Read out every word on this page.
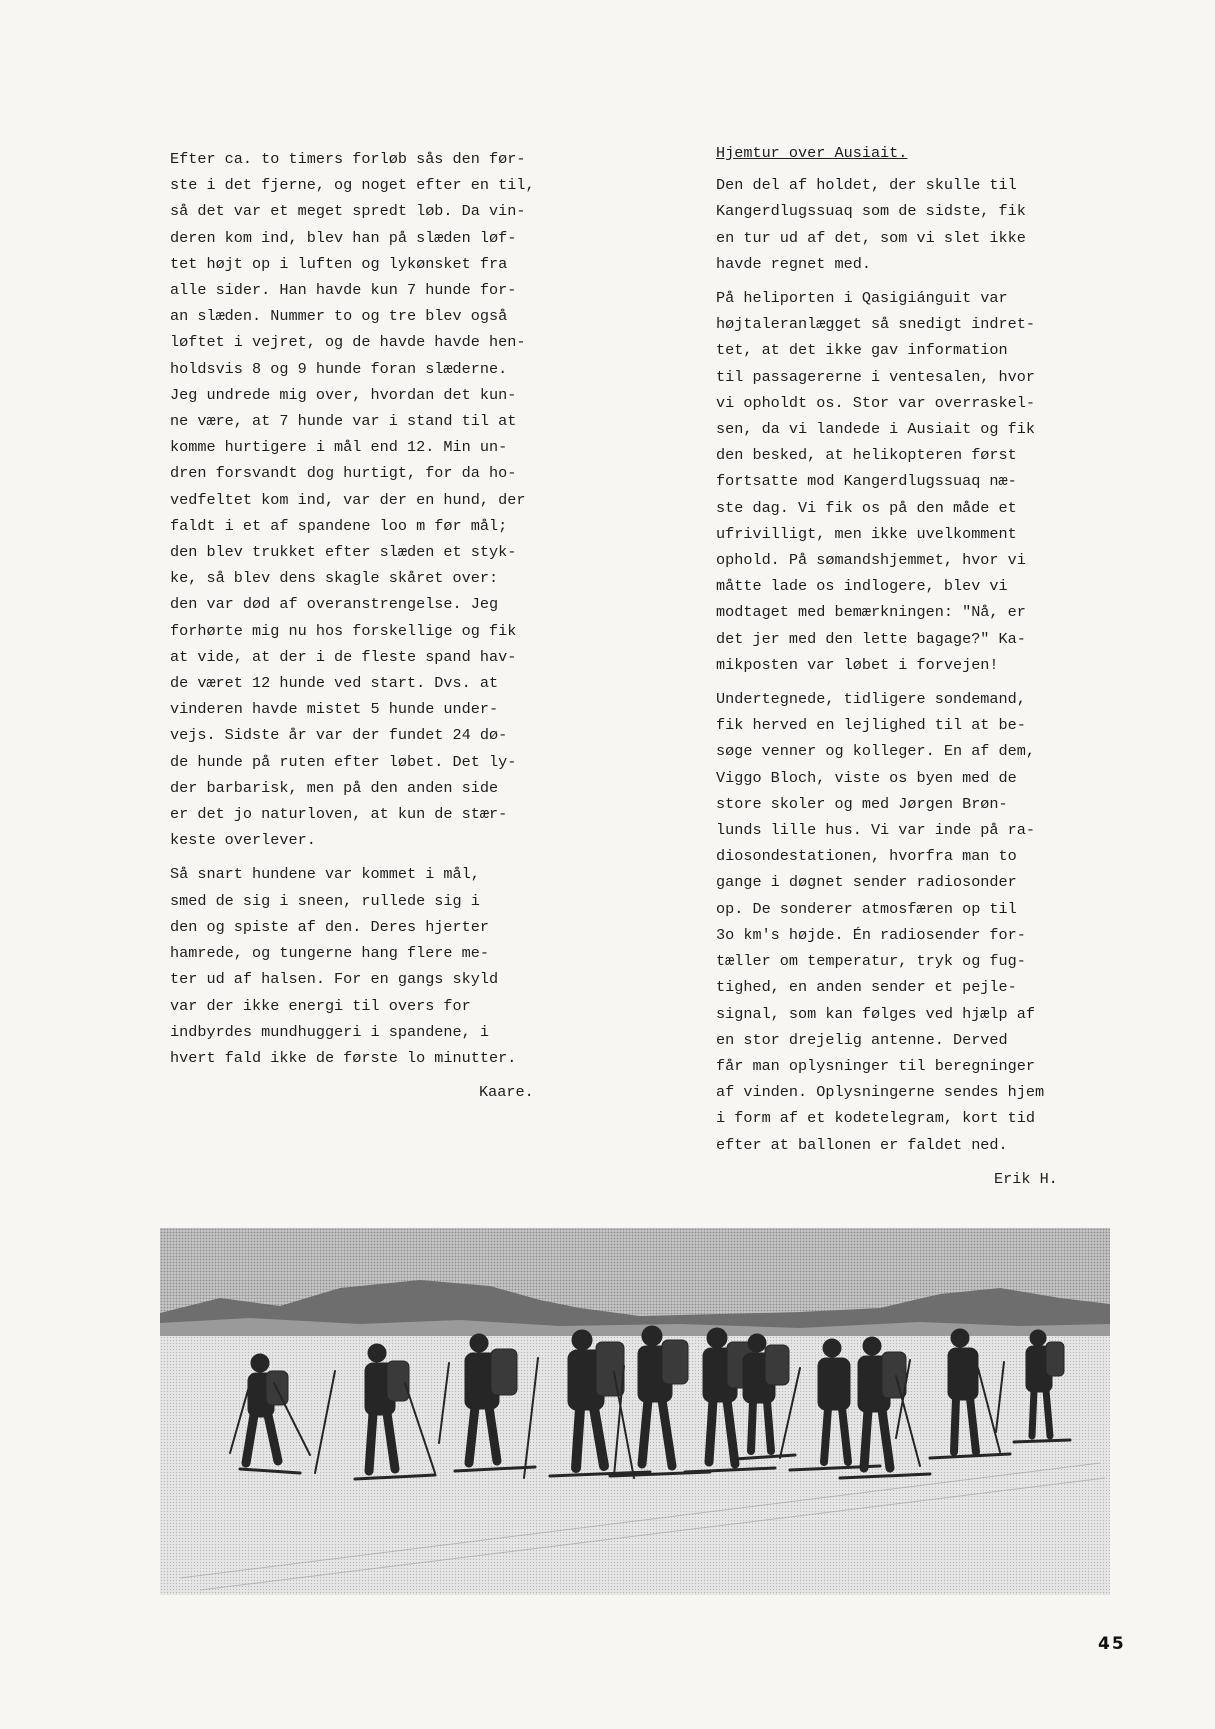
Efter ca. to timers forløb sås den før-
ste i det fjerne, og noget efter en til,
så det var et meget spredt løb. Da vin-
deren kom ind, blev han på slæden løf-
tet højt op i luften og lykønsket fra
alle sider. Han havde kun 7 hunde for-
an slæden. Nummer to og tre blev også
løftet i vejret, og de havde havde hen-
holdsvis 8 og 9 hunde foran slæderne.
Jeg undrede mig over, hvordan det kun-
ne være, at 7 hunde var i stand til at
komme hurtigere i mål end 12. Min un-
dren forsvandt dog hurtigt, for da ho-
vedfeltet kom ind, var der en hund, der
faldt i et af spandene loo m før mål;
den blev trukket efter slæden et styk-
ke, så blev dens skagle skåret over:
den var død af overanstrengelse. Jeg
forhørte mig nu hos forskellige og fik
at vide, at der i de fleste spand hav-
de været 12 hunde ved start. Dvs. at
vinderen havde mistet 5 hunde under-
vejs. Sidste år var der fundet 24 dø-
de hunde på ruten efter løbet. Det ly-
der barbarisk, men på den anden side
er det jo naturloven, at kun de stær-
keste overlever.

Så snart hundene var kommet i mål,
smed de sig i sneen, rullede sig i
den og spiste af den. Deres hjerter
hamrede, og tungerne hang flere me-
ter ud af halsen. For en gangs skyld
var der ikke energi til overs for
indbyrdes mundhuggeri i spandene, i
hvert fald ikke de første lo minutter.

Kaare.

Hjemtur over Ausiait.

Den del af holdet, der skulle til
Kangerdlugssuaq som de sidste, fik
en tur ud af det, som vi slet ikke
havde regnet med.

På heliporten i Qasigiánguit var
højtaleranlægget så snedigt indret-
tet, at det ikke gav information
til passagererne i ventesalen, hvor
vi opholdt os. Stor var overraskel-
sen, da vi landede i Ausiait og fik
den besked, at helikopteren først
fortsatte mod Kangerdlugssuaq næ-
ste dag. Vi fik os på den måde et
ufrivilligt, men ikke uvelkomment
ophold. På sømandshjemmet, hvor vi
måtte lade os indlogere, blev vi
modtaget med bemærkningen: "Nå, er
det jer med den lette bagage?" Ka-
mikposten var løbet i forvejen!

Undertegnede, tidligere sondemand,
fik herved en lejlighed til at be-
søge venner og kolleger. En af dem,
Viggo Bloch, viste os byen med de
store skoler og med Jørgen Brøn-
lunds lille hus. Vi var inde på ra-
diosondestationen, hvorfra man to
gange i døgnet sender radiosonder
op. De sonderer atmosfæren op til
3o km's højde. Én radiosender for-
tæller om temperatur, tryk og fug-
tighed, en anden sender et pejle-
signal, som kan følges ved hjælp af
en stor drejelig antenne. Derved
får man oplysninger til beregninger
af vinden. Oplysningerne sendes hjem
i form af et kodetelegram, kort tid
efter at ballonen er faldet ned.

Erik H.

45
